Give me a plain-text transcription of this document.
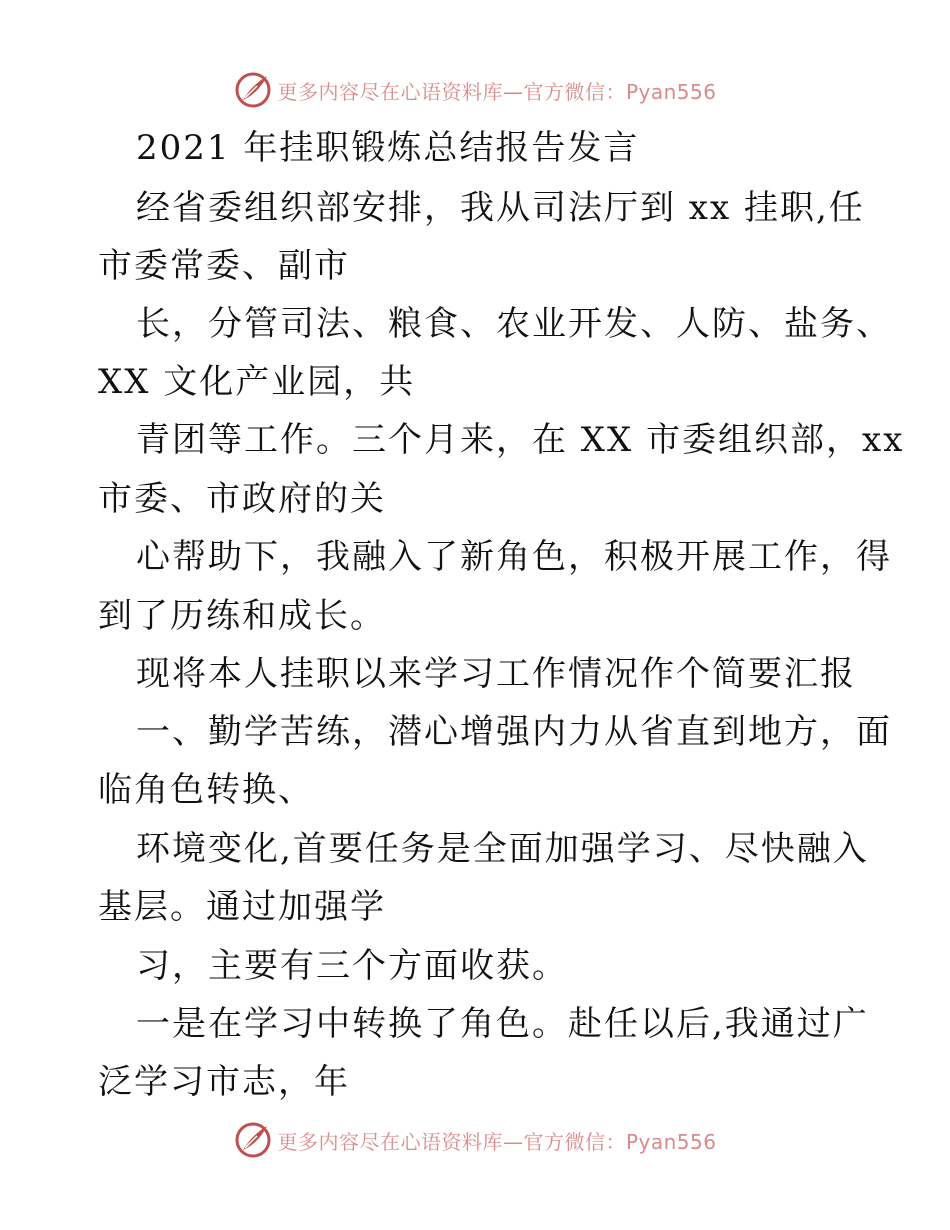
更多内容尽在心语资料库—官方微信：Pyan556
2021 年挂职锻炼总结报告发言
经省委组织部安排，我从司法厅到 xx 挂职,任
市委常委、副市
长，分管司法、粮食、农业开发、人防、盐务、
XX 文化产业园，共
青团等工作。三个月来，在 XX 市委组织部，xx
市委、市政府的关
心帮助下，我融入了新角色，积极开展工作，得
到了历练和成长。
现将本人挂职以来学习工作情况作个简要汇报
一、勤学苦练，潜心增强内力从省直到地方，面
临角色转换、
环境变化,首要任务是全面加强学习、尽快融入
基层。通过加强学
习，主要有三个方面收获。
一是在学习中转换了角色。赴任以后,我通过广
泛学习市志，年
更多内容尽在心语资料库—官方微信：Pyan556
